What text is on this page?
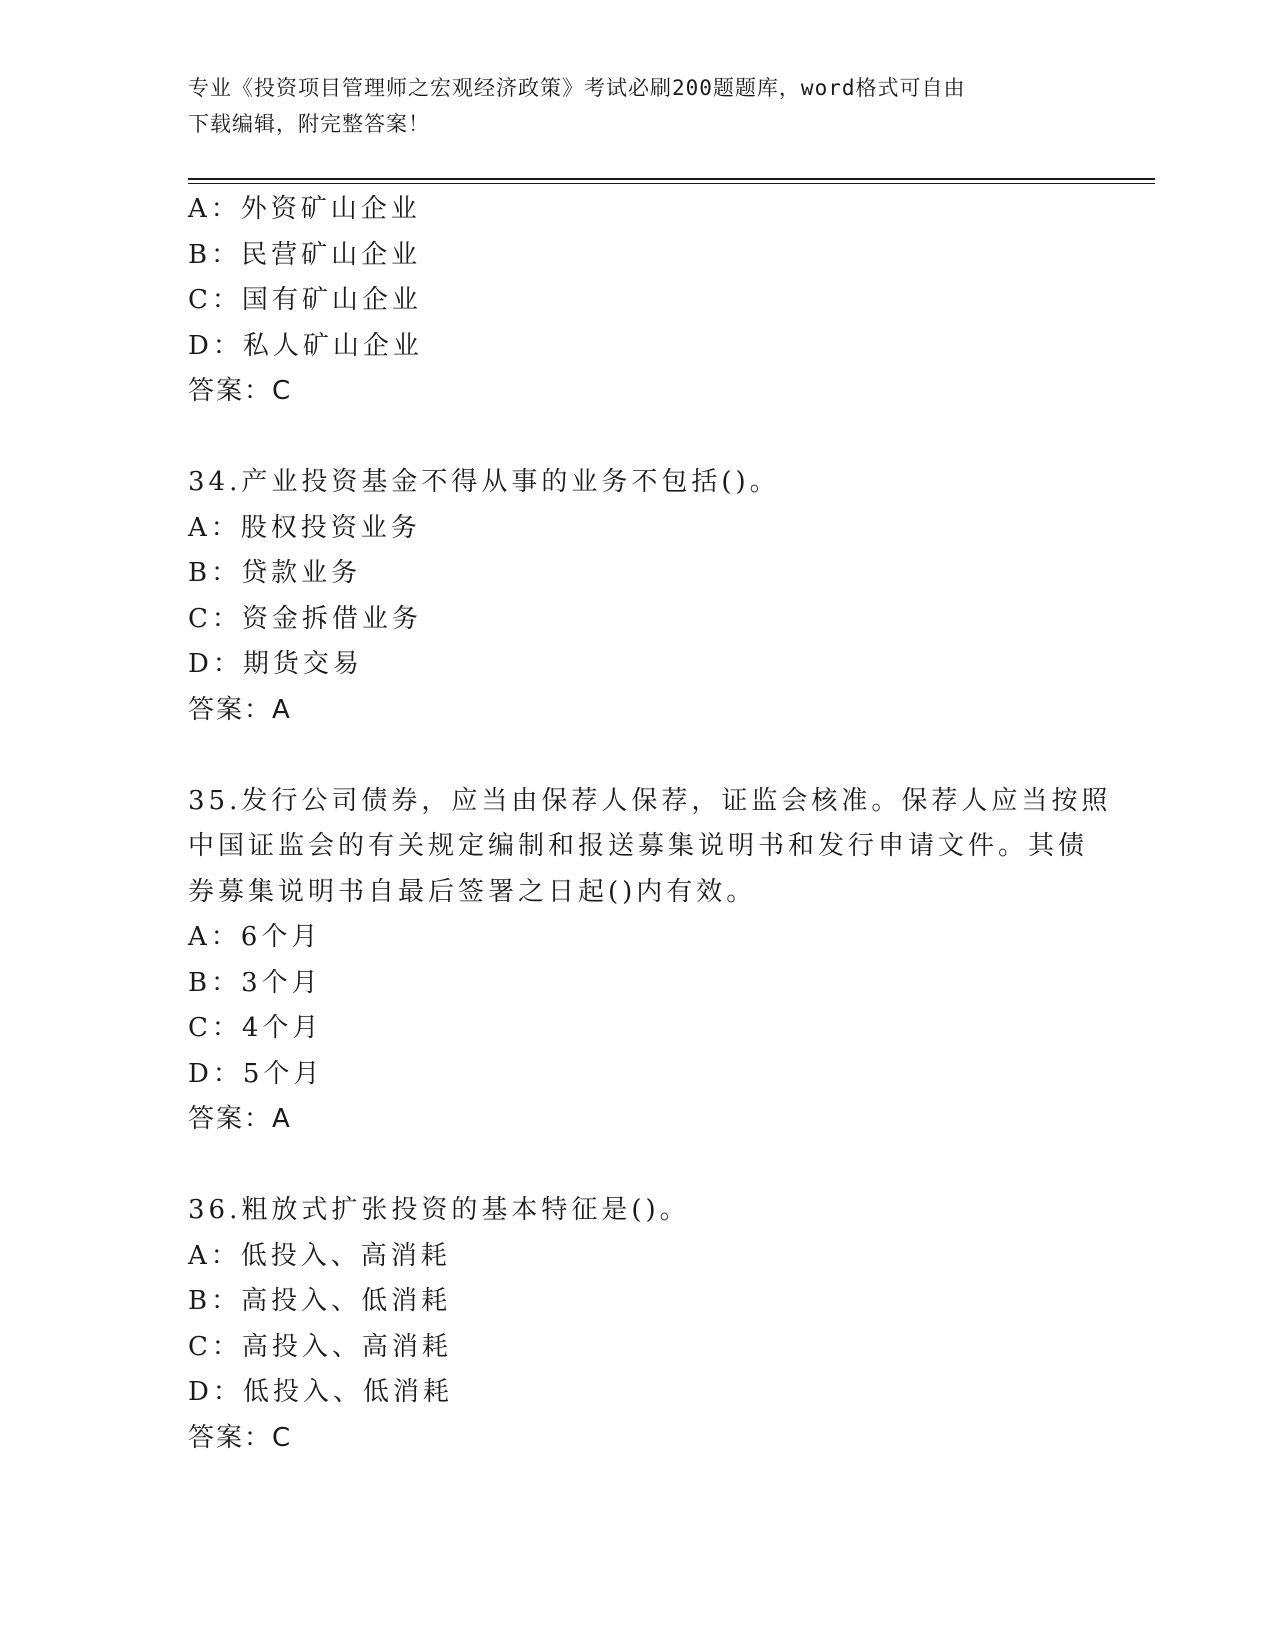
专业《投资项目管理师之宏观经济政策》考试必刷200题题库，word格式可自由
下载编辑，附完整答案！
A：外资矿山企业
B：民营矿山企业
C：国有矿山企业
D：私人矿山企业
答案：C
34.产业投资基金不得从事的业务不包括()。
A：股权投资业务
B：贷款业务
C：资金拆借业务
D：期货交易
答案：A
35.发行公司债券，应当由保荐人保荐，证监会核准。保荐人应当按照
中国证监会的有关规定编制和报送募集说明书和发行申请文件。其债
券募集说明书自最后签署之日起()内有效。
A：6个月
B：3个月
C：4个月
D：5个月
答案：A
36.粗放式扩张投资的基本特征是()。
A：低投入、高消耗
B：高投入、低消耗
C：高投入、高消耗
D：低投入、低消耗
答案：C
